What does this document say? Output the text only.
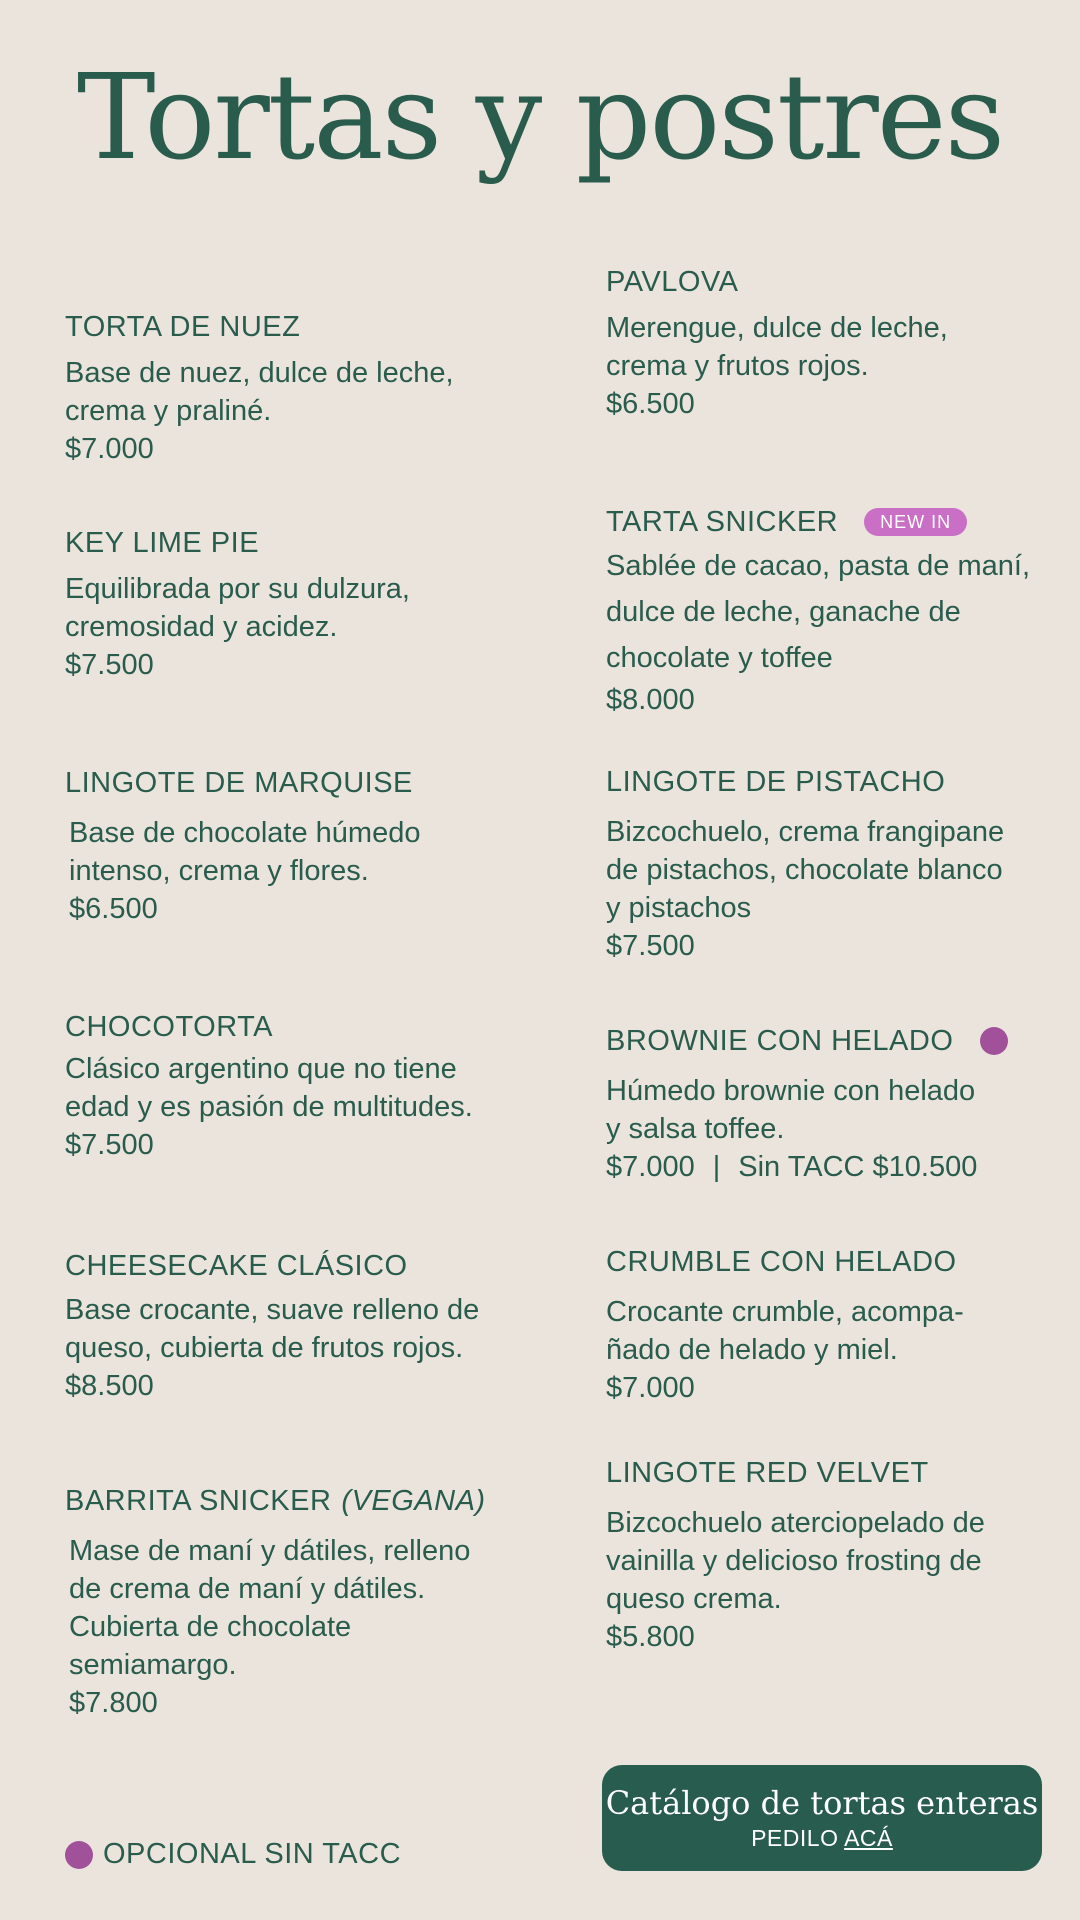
Tortas y postres
TORTA DE NUEZ
Base de nuez, dulce de leche,
crema y praliné.
$7.000
KEY LIME PIE
Equilibrada por su dulzura,
cremosidad y acidez.
$7.500
LINGOTE DE MARQUISE
Base de chocolate húmedo
intenso, crema y flores.
$6.500
CHOCOTORTA
Clásico argentino que no tiene
edad y es pasión de multitudes.
$7.500
CHEESECAKE CLÁSICO
Base crocante, suave relleno de
queso, cubierta de frutos rojos.
$8.500
BARRITA SNICKER (VEGANA)
Mase de maní y dátiles, relleno
de crema de maní y dátiles.
Cubierta de chocolate
semiamargo.
$7.800
PAVLOVA
Merengue, dulce de leche,
crema y frutos rojos.
$6.500
TARTA SNICKER	NEW IN
Sablée de cacao, pasta de maní,
dulce de leche, ganache de
chocolate y toffee
$8.000
LINGOTE DE PISTACHO
Bizcochuelo, crema frangipane
de pistachos, chocolate blanco
y pistachos
$7.500
BROWNIE CON HELADO
Húmedo brownie con helado
y salsa toffee.
$7.000 | Sin TACC $10.500
CRUMBLE CON HELADO
Crocante crumble, acompa-
ñado de helado y miel.
$7.000
LINGOTE RED VELVET
Bizcochuelo aterciopelado de
vainilla y delicioso frosting de
queso crema.
$5.800
OPCIONAL SIN TACC
Catálogo de tortas enteras
PEDILO ACÁ
